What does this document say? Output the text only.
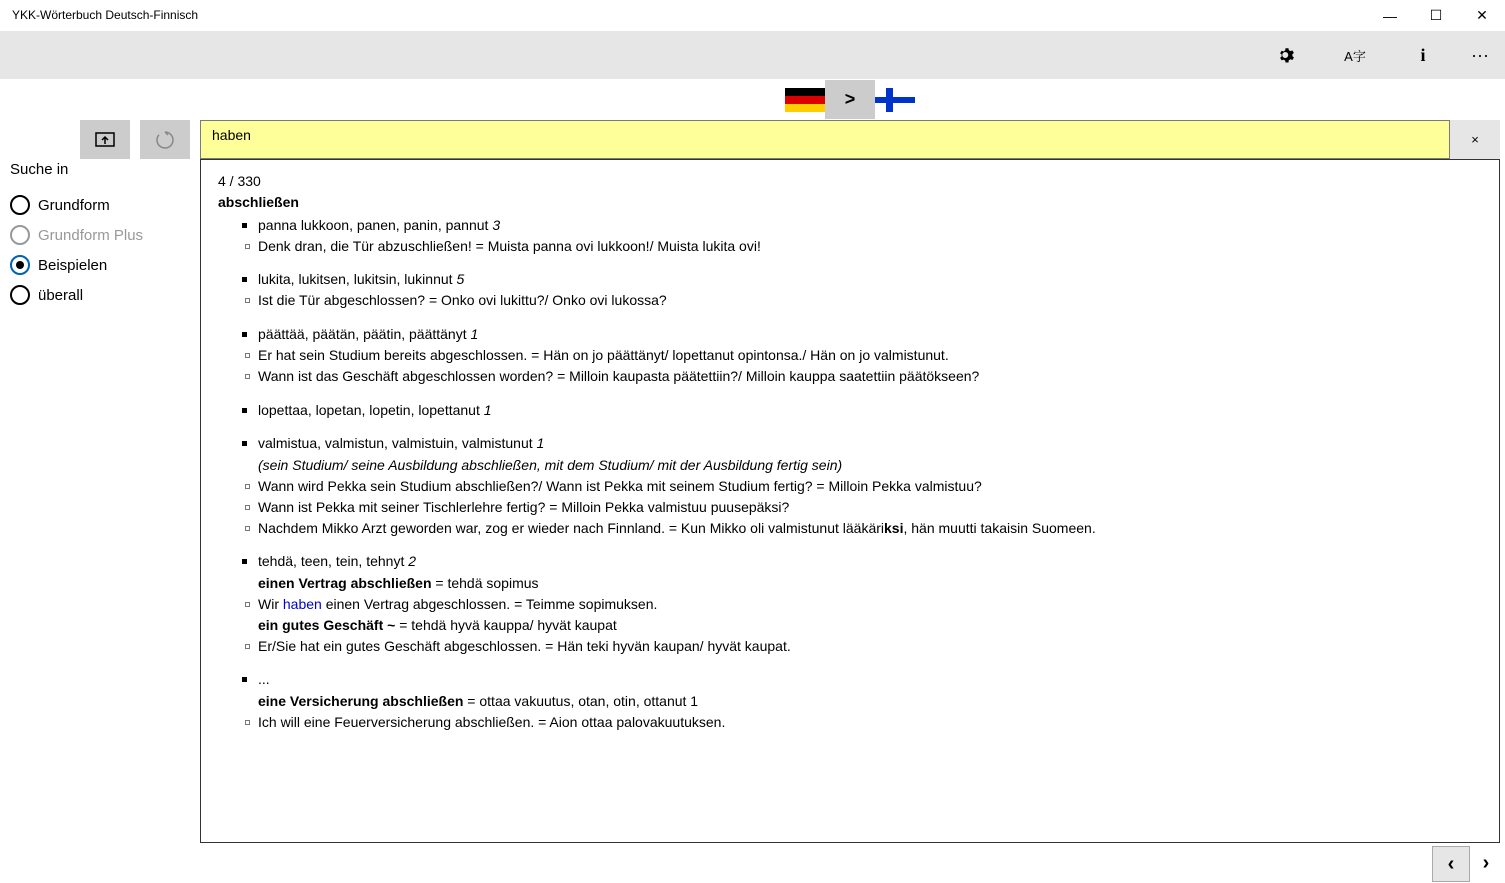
YKK-Wörterbuch Deutsch-Finnisch	—	☐	✕
A字	i	···
>
haben
×
Suche in
Grundform
Grundform Plus
Beispielen
überall
4 / 330
abschließen
panna lukkoon, panen, panin, pannut 3
Denk dran, die Tür abzuschließen! = Muista panna ovi lukkoon!/ Muista lukita ovi!
lukita, lukitsen, lukitsin, lukinnut 5
Ist die Tür abgeschlossen? = Onko ovi lukittu?/ Onko ovi lukossa?
päättää, päätän, päätin, päättänyt 1
Er hat sein Studium bereits abgeschlossen. = Hän on jo päättänyt/ lopettanut opintonsa./ Hän on jo valmistunut.
Wann ist das Geschäft abgeschlossen worden? = Milloin kaupasta päätettiin?/ Milloin kauppa saatettiin päätökseen?
lopettaa, lopetan, lopetin, lopettanut 1
valmistua, valmistun, valmistuin, valmistunut 1
(sein Studium/ seine Ausbildung abschließen, mit dem Studium/ mit der Ausbildung fertig sein)
Wann wird Pekka sein Studium abschließen?/ Wann ist Pekka mit seinem Studium fertig? = Milloin Pekka valmistuu?
Wann ist Pekka mit seiner Tischlerlehre fertig? = Milloin Pekka valmistuu puusepäksi?
Nachdem Mikko Arzt geworden war, zog er wieder nach Finnland. = Kun Mikko oli valmistunut lääkäriksi, hän muutti takaisin Suomeen.
tehdä, teen, tein, tehnyt 2
einen Vertrag abschließen = tehdä sopimus
Wir haben einen Vertrag abgeschlossen. = Teimme sopimuksen.
ein gutes Geschäft ~ = tehdä hyvä kauppa/ hyvät kaupat
Er/Sie hat ein gutes Geschäft abgeschlossen. = Hän teki hyvän kaupan/ hyvät kaupat.
...
eine Versicherung abschließen = ottaa vakuutus, otan, otin, ottanut 1
Ich will eine Feuerversicherung abschließen. = Aion ottaa palovakuutuksen.
‹ ›
